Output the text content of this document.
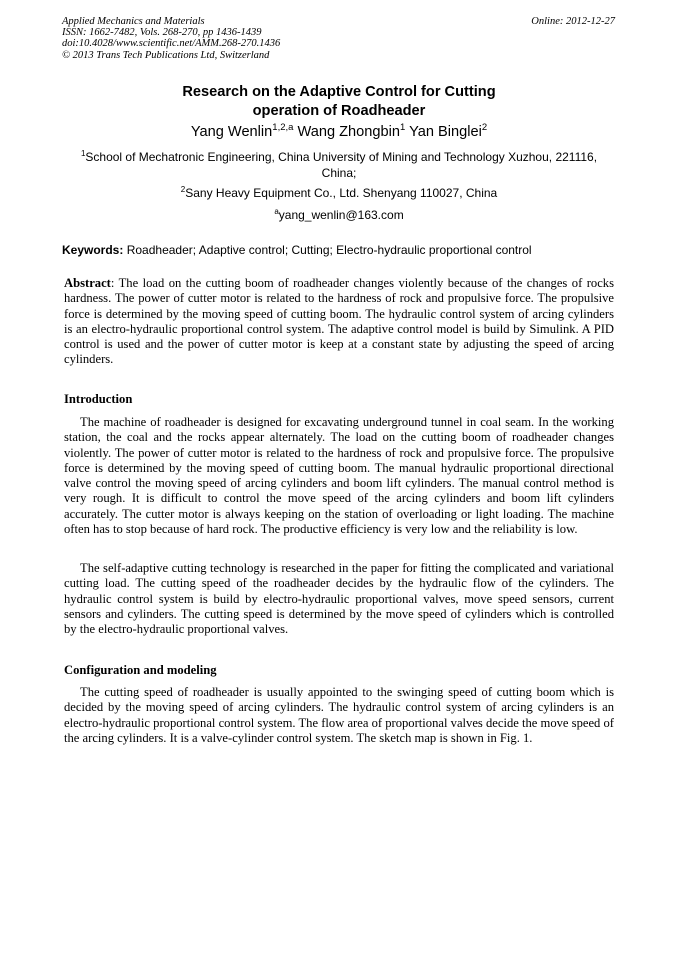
Applied Mechanics and Materials
ISSN: 1662-7482, Vols. 268-270, pp 1436-1439
doi:10.4028/www.scientific.net/AMM.268-270.1436
© 2013 Trans Tech Publications Ltd, Switzerland
Online: 2012-12-27
Research on the Adaptive Control for Cutting
operation of Roadheader
Yang Wenlin$^{1,2,a}$ Wang Zhongbin$^1$ Yan Binglei$^2$
$^1$School of Mechatronic Engineering, China University of Mining and Technology Xuzhou, 221116, China;
$^2$Sany Heavy Equipment Co., Ltd. Shenyang 110027, China
$^a$yang_wenlin@163.com
Keywords: Roadheader; Adaptive control; Cutting; Electro-hydraulic proportional control
Abstract: The load on the cutting boom of roadheader changes violently because of the changes of rocks hardness. The power of cutter motor is related to the hardness of rock and propulsive force. The propulsive force is determined by the moving speed of cutting boom. The hydraulic control system of arcing cylinders is an electro-hydraulic proportional control system. The adaptive control model is build by Simulink. A PID control is used and the power of cutter motor is keep at a constant state by adjusting the speed of arcing cylinders.
Introduction
The machine of roadheader is designed for excavating underground tunnel in coal seam. In the working station, the coal and the rocks appear alternately. The load on the cutting boom of roadheader changes violently. The power of cutter motor is related to the hardness of rock and propulsive force. The propulsive force is determined by the moving speed of cutting boom. The manual hydraulic proportional directional valve control the moving speed of arcing cylinders and boom lift cylinders. The manual control method is very rough. It is difficult to control the move speed of the arcing cylinders and boom lift cylinders accurately. The cutter motor is always keeping on the station of overloading or light loading. The machine often has to stop because of hard rock. The productive efficiency is very low and the reliability is low.
The self-adaptive cutting technology is researched in the paper for fitting the complicated and variational cutting load. The cutting speed of the roadheader decides by the hydraulic flow of the cylinders. The hydraulic control system is build by electro-hydraulic proportional valves, move speed sensors, current sensors and cylinders. The cutting speed is determined by the move speed of cylinders which is controlled by the electro-hydraulic proportional valves.
Configuration and modeling
The cutting speed of roadheader is usually appointed to the swinging speed of cutting boom which is decided by the moving speed of arcing cylinders. The hydraulic control system of arcing cylinders is an electro-hydraulic proportional control system. The flow area of proportional valves decide the move speed of the arcing cylinders. It is a valve-cylinder control system. The sketch map is shown in Fig. 1.
